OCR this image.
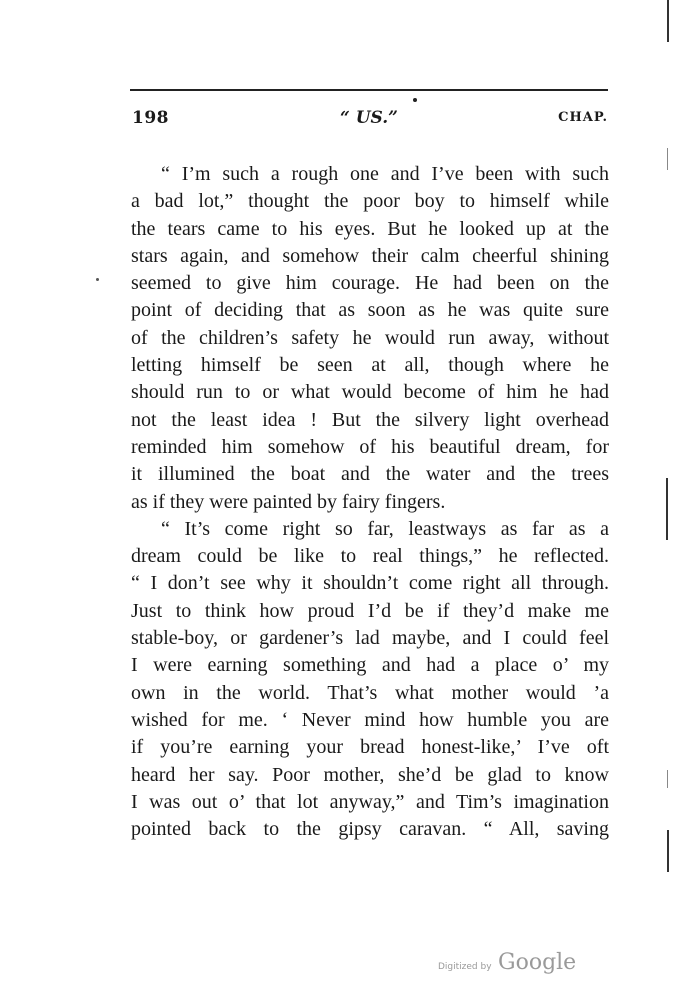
198	“ US.”	CHAP.
“ I’m such a rough one and I’ve been with such
a bad lot,” thought the poor boy to himself while
the tears came to his eyes. But he looked up at the
stars again, and somehow their calm cheerful shining
seemed to give him courage. He had been on the
point of deciding that as soon as he was quite sure
of the children’s safety he would run away, without
letting himself be seen at all, though where he
should run to or what would become of him he had
not the least idea ! But the silvery light overhead
reminded him somehow of his beautiful dream, for
it illumined the boat and the water and the trees
as if they were painted by fairy fingers.
“ It’s come right so far, leastways as far as a
dream could be like to real things,” he reflected.
“ I don’t see why it shouldn’t come right all through.
Just to think how proud I’d be if they’d make me
stable-boy, or gardener’s lad maybe, and I could feel
I were earning something and had a place o’ my
own in the world. That’s what mother would ’a
wished for me. ‘ Never mind how humble you are
if you’re earning your bread honest-like,’ I’ve oft
heard her say. Poor mother, she’d be glad to know
I was out o’ that lot anyway,” and Tim’s imagination
pointed back to the gipsy caravan. “ All, saving
Digitized by Google
